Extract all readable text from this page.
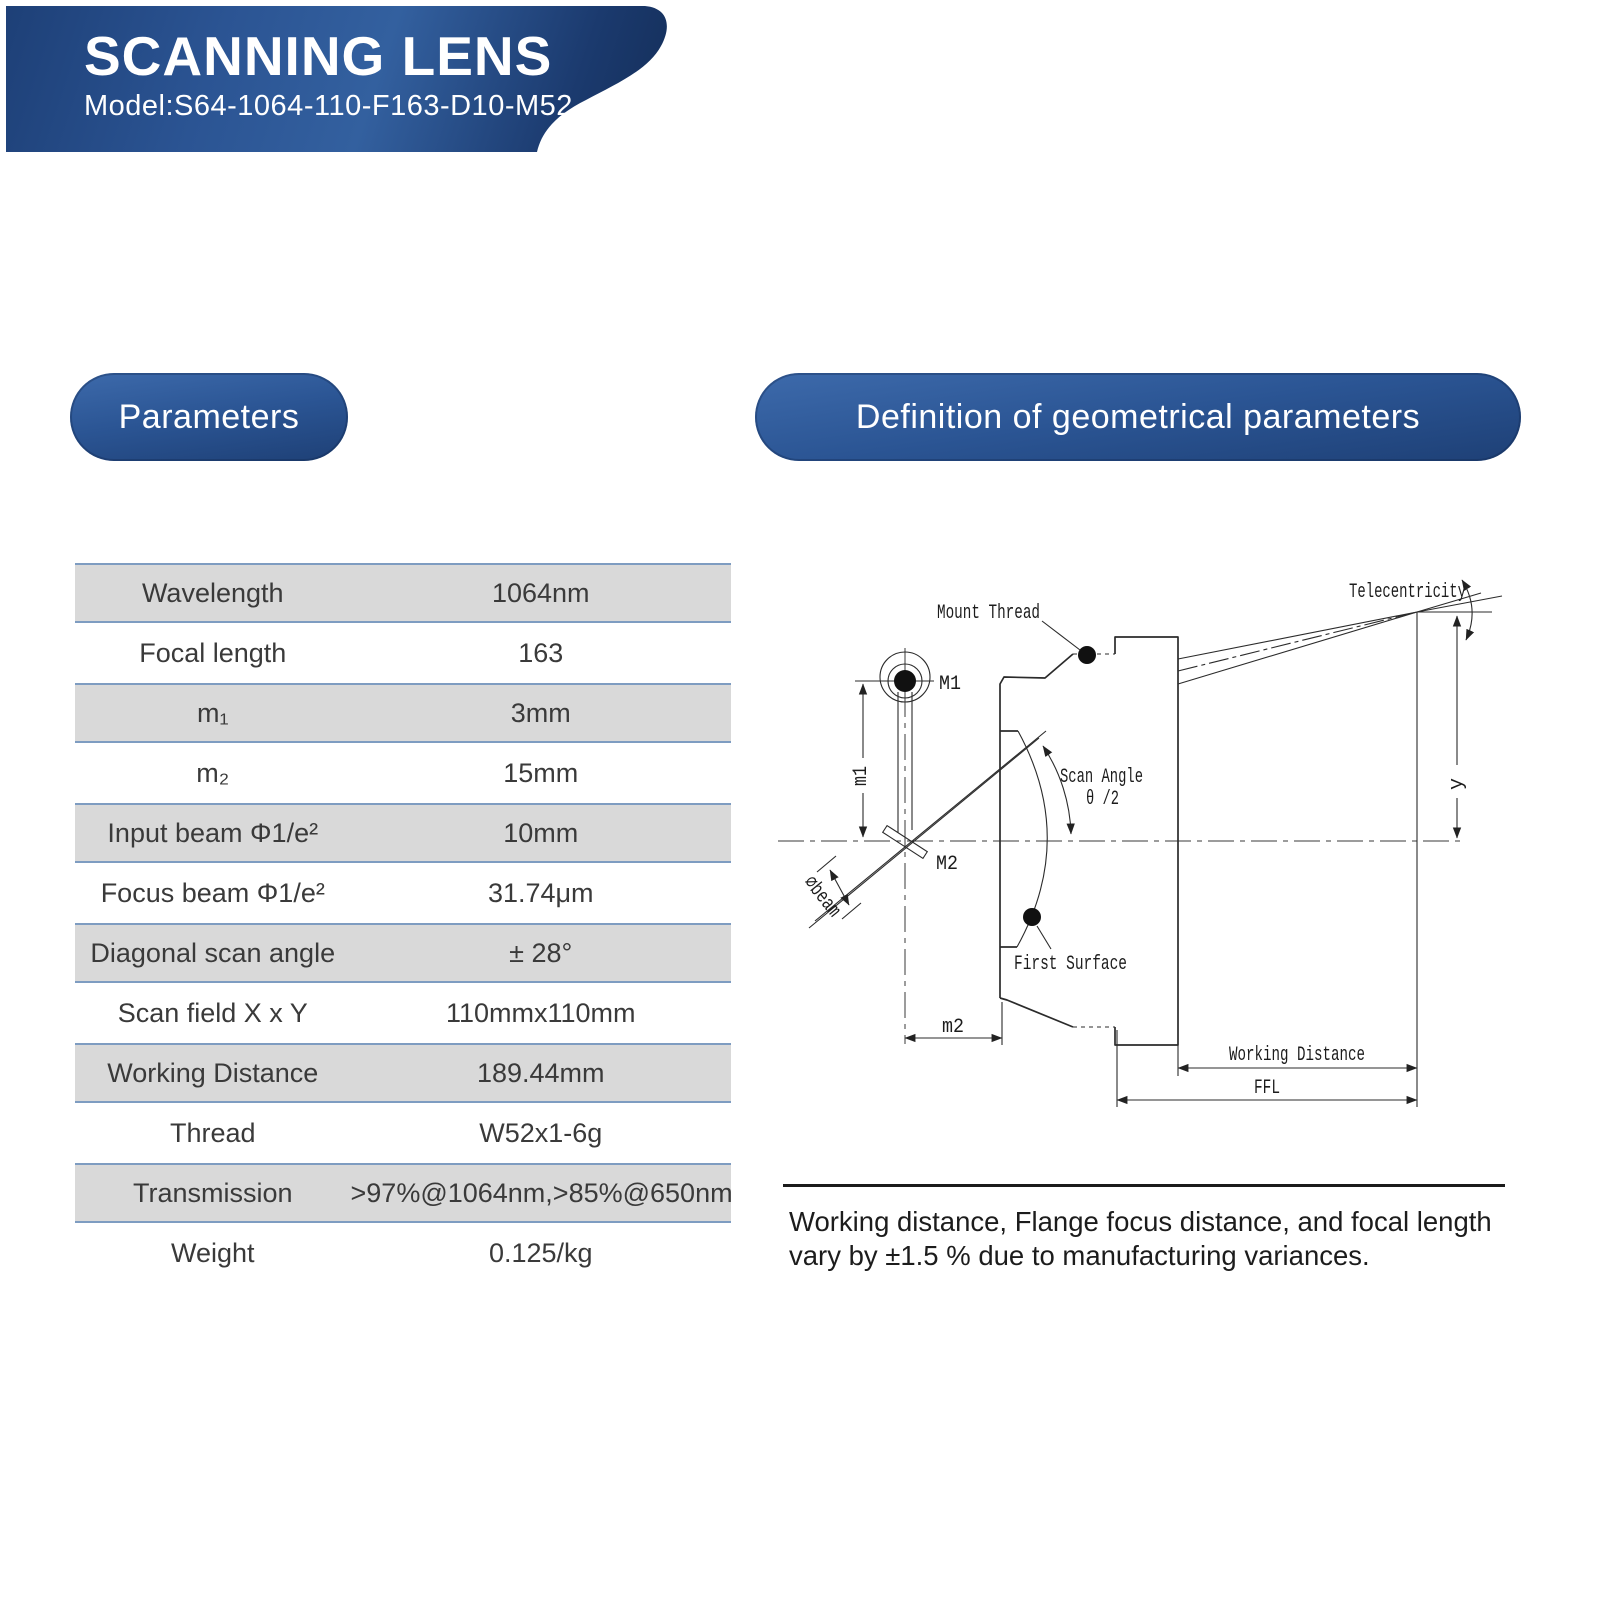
SCANNING LENS
Model:S64-1064-110-F163-D10-M52
Parameters	Definition of geometrical parameters
Wavelength	1064nm
Focal length	163
m₁	3mm
m₂	15mm
Input beam Φ1/e²	10mm
Focus beam Φ1/e²	31.74μm
Diagonal scan angle	± 28°
Scan field X x Y	110mmx110mm
Working Distance	189.44mm
Thread	W52x1-6g
Transmission	>97%@1064nm,>85%@650nm
Weight	0.125/kg
∅beam
M1
M2
m1	Scan Angle
θ /2
First Surface
Mount Thread
Telecentricity
y
m2
Working Distance
FFL
Working distance, Flange focus distance, and focal length vary by ±1.5 % due to manufacturing variances.
